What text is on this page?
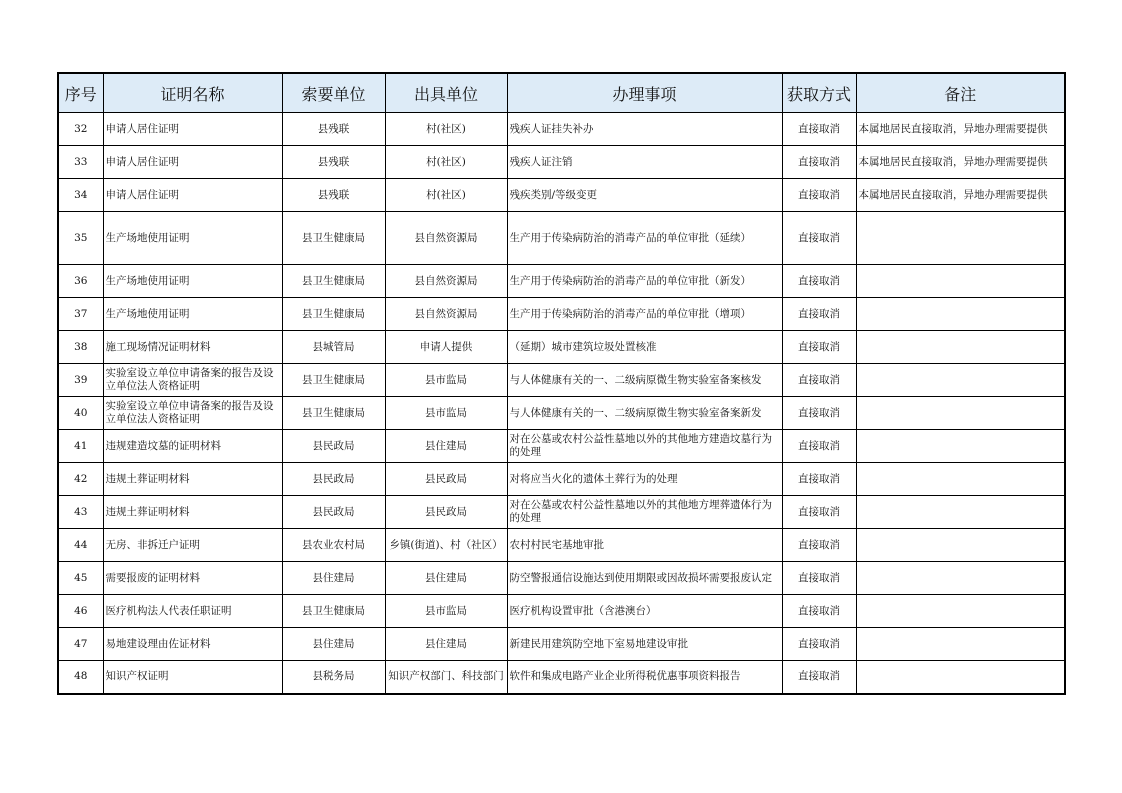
序号	证明名称	索要单位	出具单位	办理事项	获取方式	备注
32	申请人居住证明	县残联	村(社区)	残疾人证挂失补办	直接取消	本属地居民直接取消，异地办理需要提供
33	申请人居住证明	县残联	村(社区)	残疾人证注销	直接取消	本属地居民直接取消，异地办理需要提供
34	申请人居住证明	县残联	村(社区)	残疾类别/等级变更	直接取消	本属地居民直接取消，异地办理需要提供
35	生产场地使用证明	县卫生健康局	县自然资源局	生产用于传染病防治的消毒产品的单位审批（延续）	直接取消	
36	生产场地使用证明	县卫生健康局	县自然资源局	生产用于传染病防治的消毒产品的单位审批（新发）	直接取消	
37	生产场地使用证明	县卫生健康局	县自然资源局	生产用于传染病防治的消毒产品的单位审批（增项）	直接取消	
38	施工现场情况证明材料	县城管局	申请人提供	（延期）城市建筑垃圾处置核准	直接取消	
39	实验室设立单位申请备案的报告及设立单位法人资格证明	县卫生健康局	县市监局	与人体健康有关的一、二级病原微生物实验室备案核发	直接取消	
40	实验室设立单位申请备案的报告及设立单位法人资格证明	县卫生健康局	县市监局	与人体健康有关的一、二级病原微生物实验室备案新发	直接取消	
41	违规建造坟墓的证明材料	县民政局	县住建局	对在公墓或农村公益性墓地以外的其他地方建造坟墓行为的处理	直接取消	
42	违规土葬证明材料	县民政局	县民政局	对将应当火化的遗体土葬行为的处理	直接取消	
43	违规土葬证明材料	县民政局	县民政局	对在公墓或农村公益性墓地以外的其他地方埋葬遗体行为的处理	直接取消	
44	无房、非拆迁户证明	县农业农村局	乡镇(街道)、村（社区）	农村村民宅基地审批	直接取消	
45	需要报废的证明材料	县住建局	县住建局	防空警报通信设施达到使用期限或因故损坏需要报废认定	直接取消	
46	医疗机构法人代表任职证明	县卫生健康局	县市监局	医疗机构设置审批（含港澳台）	直接取消	
47	易地建设理由佐证材料	县住建局	县住建局	新建民用建筑防空地下室易地建设审批	直接取消	
48	知识产权证明	县税务局	知识产权部门、科技部门	软件和集成电路产业企业所得税优惠事项资料报告	直接取消	
